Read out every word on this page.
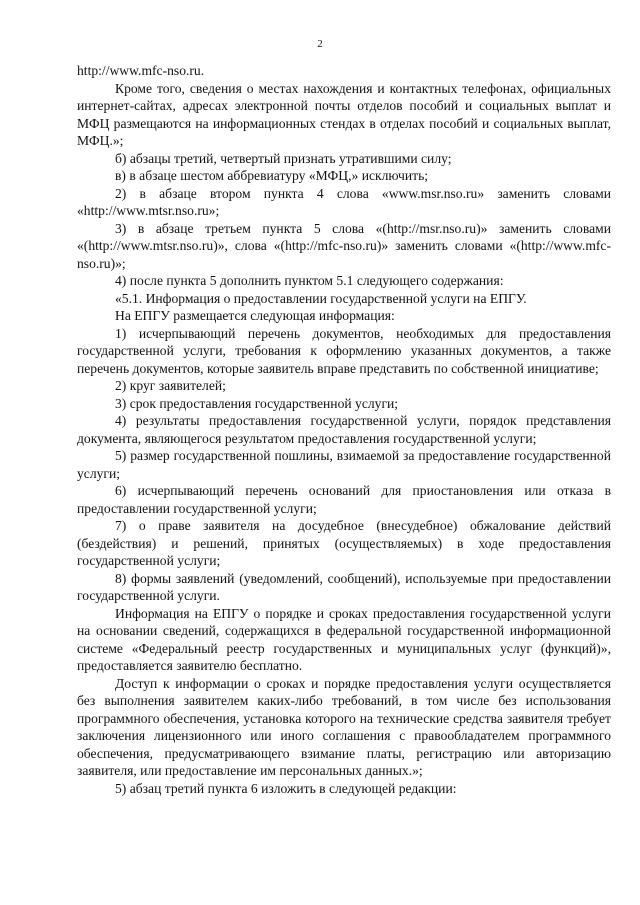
2

http://www.mfc-nso.ru.

Кроме того, сведения о местах нахождения и контактных телефонах, официальных интернет-сайтах, адресах электронной почты отделов пособий и социальных выплат и МФЦ размещаются на информационных стендах в отделах пособий и социальных выплат, МФЦ.»;

б) абзацы третий, четвертый признать утратившими силу;

в) в абзаце шестом аббревиатуру «МФЦ,» исключить;

2) в абзаце втором пункта 4 слова «www.msr.nso.ru» заменить словами «http://www.mtsr.nso.ru»;

3) в абзаце третьем пункта 5 слова «(http://msr.nso.ru)» заменить словами «(http://www.mtsr.nso.ru)», слова «(http://mfc-nso.ru)» заменить словами «(http://www.mfc-nso.ru)»;

4) после пункта 5 дополнить пунктом 5.1 следующего содержания:

«5.1. Информация о предоставлении государственной услуги на ЕПГУ.

На ЕПГУ размещается следующая информация:

1) исчерпывающий перечень документов, необходимых для предоставления государственной услуги, требования к оформлению указанных документов, а также перечень документов, которые заявитель вправе представить по собственной инициативе;

2) круг заявителей;

3) срок предоставления государственной услуги;

4) результаты предоставления государственной услуги, порядок представления документа, являющегося результатом предоставления государственной услуги;

5) размер государственной пошлины, взимаемой за предоставление государственной услуги;

6) исчерпывающий перечень оснований для приостановления или отказа в предоставлении государственной услуги;

7) о праве заявителя на досудебное (внесудебное) обжалование действий (бездействия) и решений, принятых (осуществляемых) в ходе предоставления государственной услуги;

8) формы заявлений (уведомлений, сообщений), используемые при предоставлении государственной услуги.

Информация на ЕПГУ о порядке и сроках предоставления государственной услуги на основании сведений, содержащихся в федеральной государственной информационной системе «Федеральный реестр государственных и муниципальных услуг (функций)», предоставляется заявителю бесплатно.

Доступ к информации о сроках и порядке предоставления услуги осуществляется без выполнения заявителем каких-либо требований, в том числе без использования программного обеспечения, установка которого на технические средства заявителя требует заключения лицензионного или иного соглашения с правообладателем программного обеспечения, предусматривающего взимание платы, регистрацию или авторизацию заявителя, или предоставление им персональных данных.»;

5) абзац третий пункта 6 изложить в следующей редакции:
